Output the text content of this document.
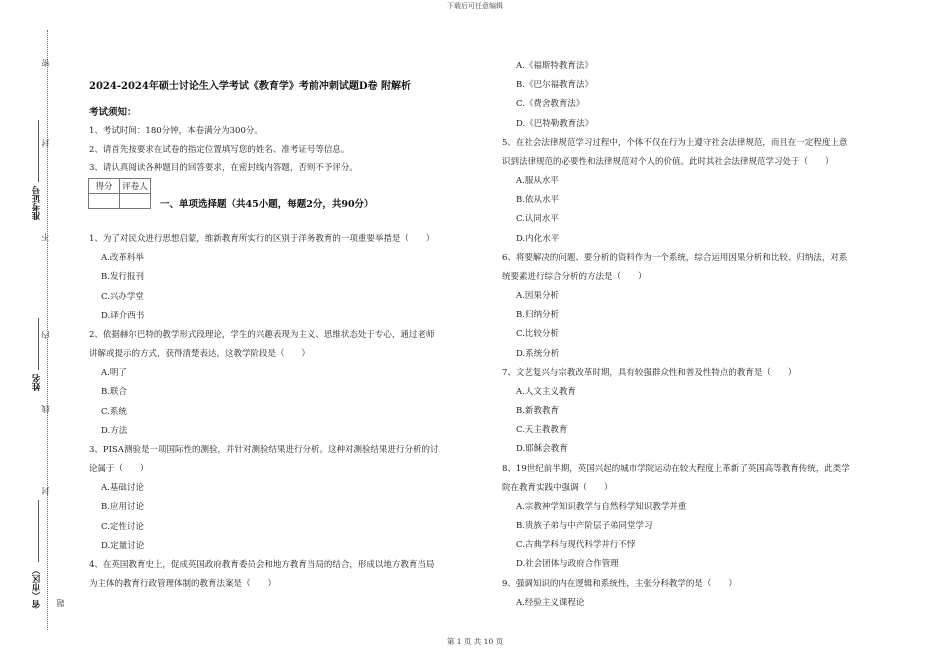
下载后可任意编辑
第 1 页 共 10 页
密
封
不
内
线
封
题
准考证号
姓名
省（市区）
2024-2024年硕士讨论生入学考试《教育学》考前冲刺试题D卷 附解析
考试须知：
1、考试时间：180分钟，本卷满分为300分。
2、请首先按要求在试卷的指定位置填写您的姓名、准考证号等信息。
3、请认真阅读各种题目的回答要求，在密封线内答题，否则不予评分。
得分	评卷人

一、单项选择题（共45小题，每题2分，共90分）
1、为了对民众进行思想启蒙，维新教育所实行的区别于洋务教育的一项重要举措是（　　）
A.改革科举
B.发行报刊
C.兴办学堂
D.译介西书
2、依据赫尔巴特的教学形式段理论，学生的兴趣表现为主义、思维状态处于专心，通过老师
讲解或提示的方式，获得清楚表达，这教学阶段是（　　）
A.明了
B.联合
C.系统
D.方法
3、PISA测验是一项国际性的测验，并针对测验结果进行分析。这种对测验结果进行分析的讨
论属于（　　）
A.基础讨论
B.应用讨论
C.定性讨论
D.定量讨论
4、在英国教育史上，促成英国政府教育委员会和地方教育当局的结合，形成以地方教育当局
为主体的教育行政管理体制的教育法案是（　　）
A.《福斯特教育法》
B.《巴尔福教育法》
C.《费舍教育法》
D.《巴特勒教育法》
5、在社会法律规范学习过程中，个体不仅在行为上遵守社会法律规范，而且在一定程度上意
识到法律规范的必要性和法律规范对个人的价值。此时其社会法律规范学习处于（　　）
A.服从水平
B.依从水平
C.认同水平
D.内化水平
6、将要解决的问题、要分析的资料作为一个系统，综合运用因果分析和比较、归纳法，对系
统要素进行综合分析的方法是（　　）
A.因果分析
B.归纳分析
C.比较分析
D.系统分析
7、文艺复兴与宗教改革时期，具有较强群众性和普及性特点的教育是（　　）
A.人文主义教育
B.新教教育
C.天主教教育
D.耶稣会教育
8、19世纪前半期，英国兴起的城市学院运动在较大程度上革新了英国高等教育传统，此类学
院在教育实践中强调（　　）
A.宗教神学知识教学与自然科学知识教学并重
B.贵族子弟与中产阶层子弟同堂学习
C.古典学科与现代科学并行不悖
D.社会团体与政府合作管理
9、强调知识的内在逻辑和系统性，主张分科教学的是（　　）
A.经验主义课程论
